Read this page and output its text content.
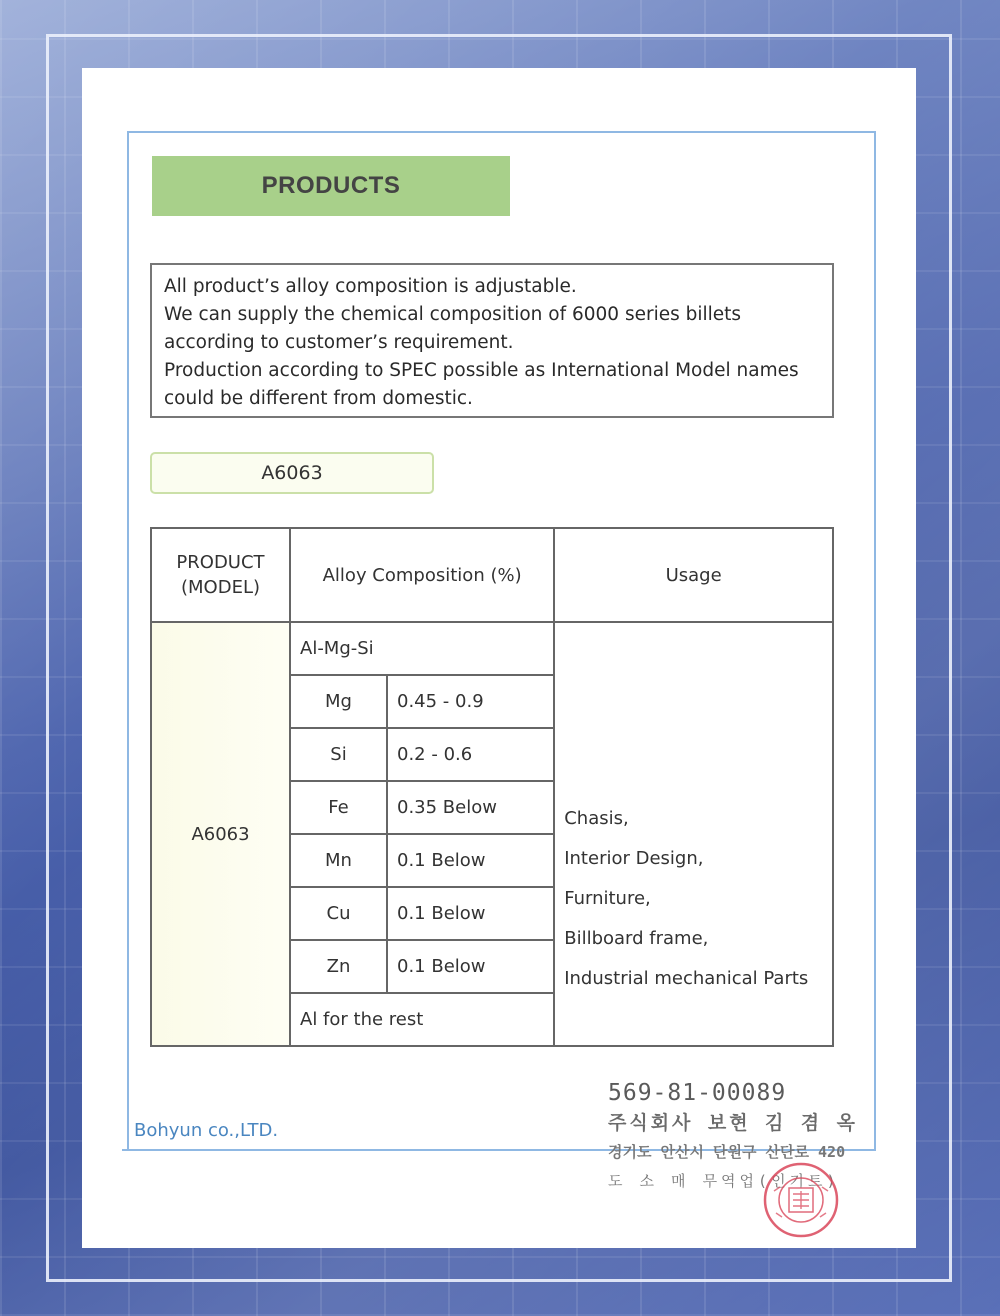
PRODUCTS

All product’s alloy composition is adjustable.

We can supply the chemical composition of 6000 series billets

according to customer’s requirement.

Production according to SPEC possible as International Model names

could be different from domestic.

A6063
PRODUCT
(MODEL)	Alloy Composition (%)		Usage
A6063	Al-Mg-Si		Chasis,
Interior Design,
Furniture,
Billboard frame,
Industrial mechanical Parts

	Mg	0.45 - 0.9	
	Si	0.2 - 0.6	
	Fe	0.35 Below	
	Mn	0.1 Below	
	Cu	0.1 Below	
	Zn	0.1 Below	
	Al for the rest		
Bohyun co.,LTD.
569-81-00089
주식회사 보현 김 겸 옥
경기도 안산시 단원구 산단로 420
도 소 매 무역업(인기트)
